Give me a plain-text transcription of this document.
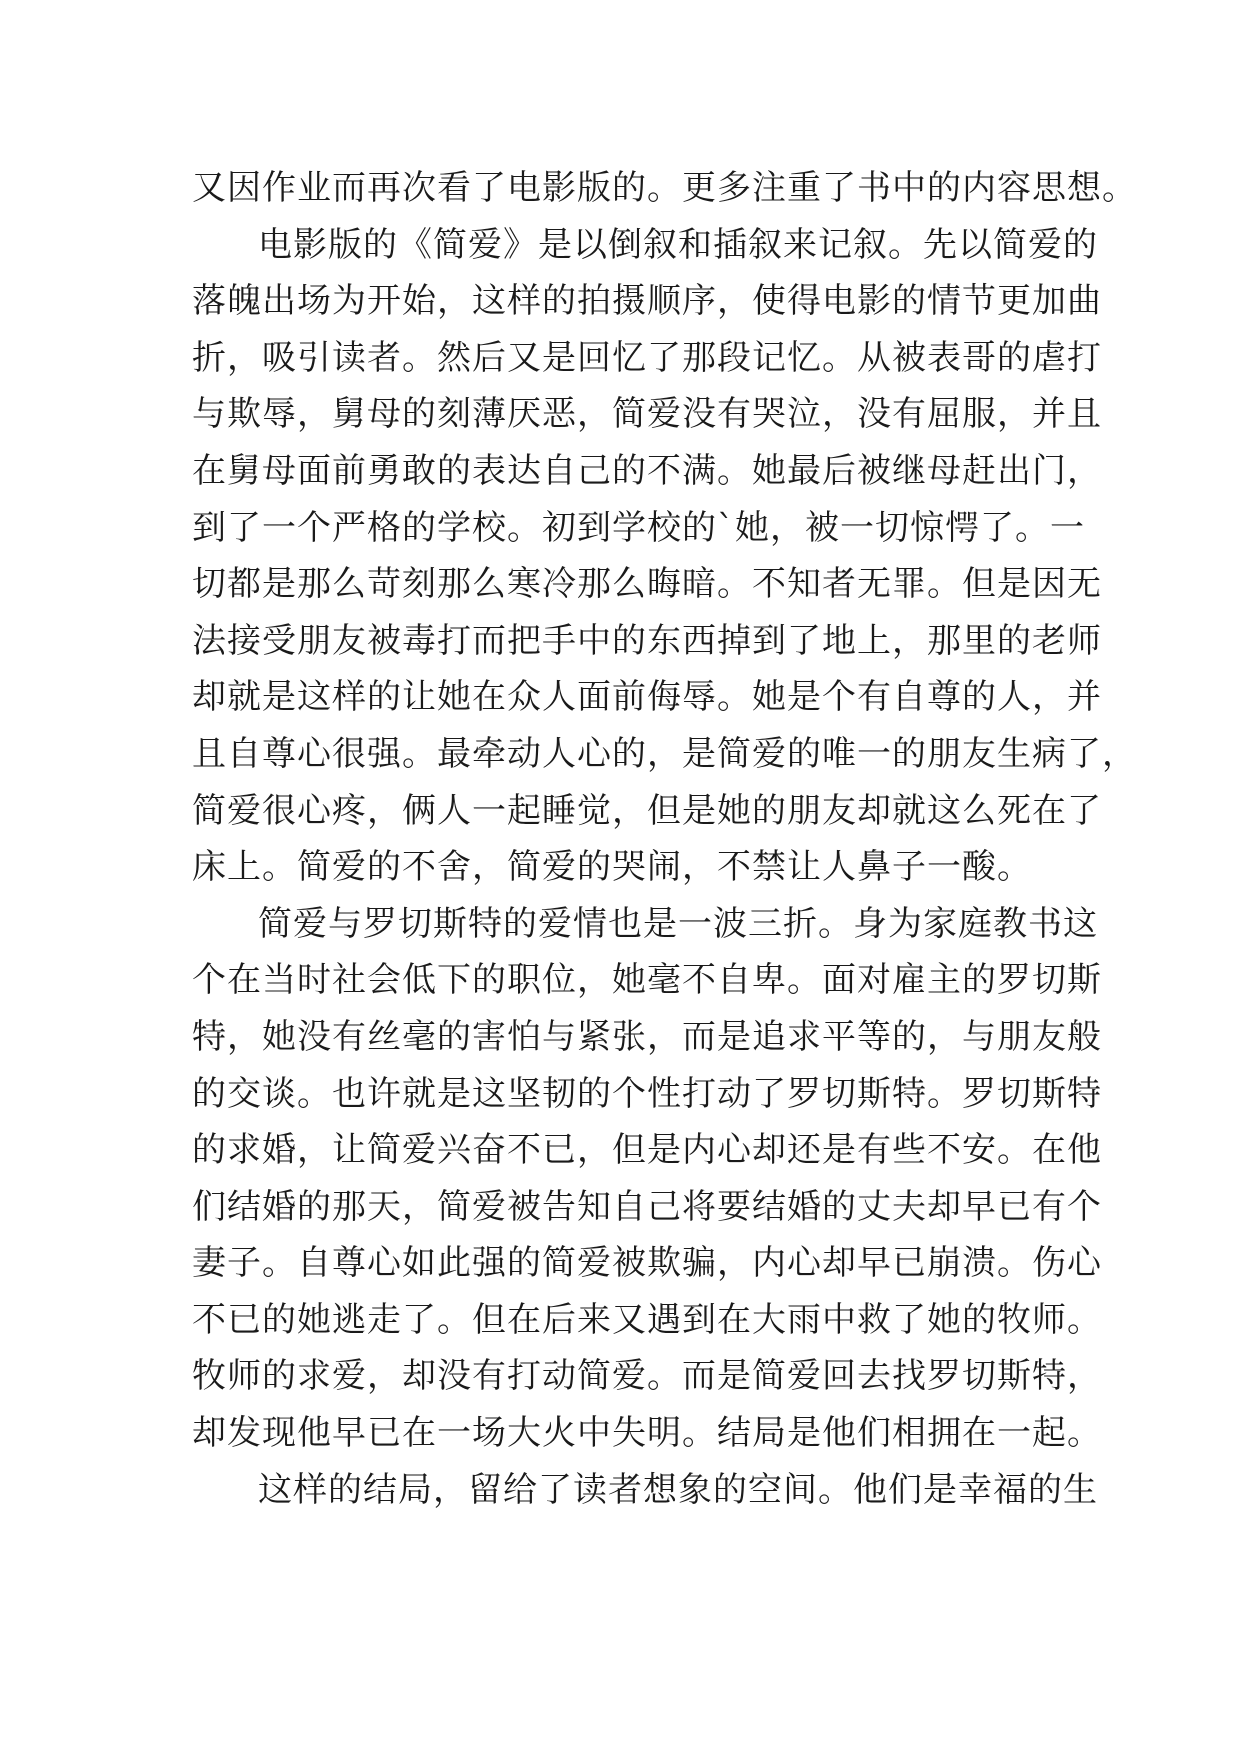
又因作业而再次看了电影版的。更多注重了书中的内容思想。
电影版的《简爱》是以倒叙和插叙来记叙。先以简爱的
落魄出场为开始，这样的拍摄顺序，使得电影的情节更加曲
折，吸引读者。然后又是回忆了那段记忆。从被表哥的虐打
与欺辱，舅母的刻薄厌恶，简爱没有哭泣，没有屈服，并且
在舅母面前勇敢的表达自己的不满。她最后被继母赶出门，
到了一个严格的学校。初到学校的`她，被一切惊愕了。一
切都是那么苛刻那么寒冷那么晦暗。不知者无罪。但是因无
法接受朋友被毒打而把手中的东西掉到了地上，那里的老师
却就是这样的让她在众人面前侮辱。她是个有自尊的人，并
且自尊心很强。最牵动人心的，是简爱的唯一的朋友生病了，
简爱很心疼，俩人一起睡觉，但是她的朋友却就这么死在了
床上。简爱的不舍，简爱的哭闹，不禁让人鼻子一酸。
简爱与罗切斯特的爱情也是一波三折。身为家庭教书这
个在当时社会低下的职位，她毫不自卑。面对雇主的罗切斯
特，她没有丝毫的害怕与紧张，而是追求平等的，与朋友般
的交谈。也许就是这坚韧的个性打动了罗切斯特。罗切斯特
的求婚，让简爱兴奋不已，但是内心却还是有些不安。在他
们结婚的那天，简爱被告知自己将要结婚的丈夫却早已有个
妻子。自尊心如此强的简爱被欺骗，内心却早已崩溃。伤心
不已的她逃走了。但在后来又遇到在大雨中救了她的牧师。
牧师的求爱，却没有打动简爱。而是简爱回去找罗切斯特，
却发现他早已在一场大火中失明。结局是他们相拥在一起。
这样的结局，留给了读者想象的空间。他们是幸福的生
